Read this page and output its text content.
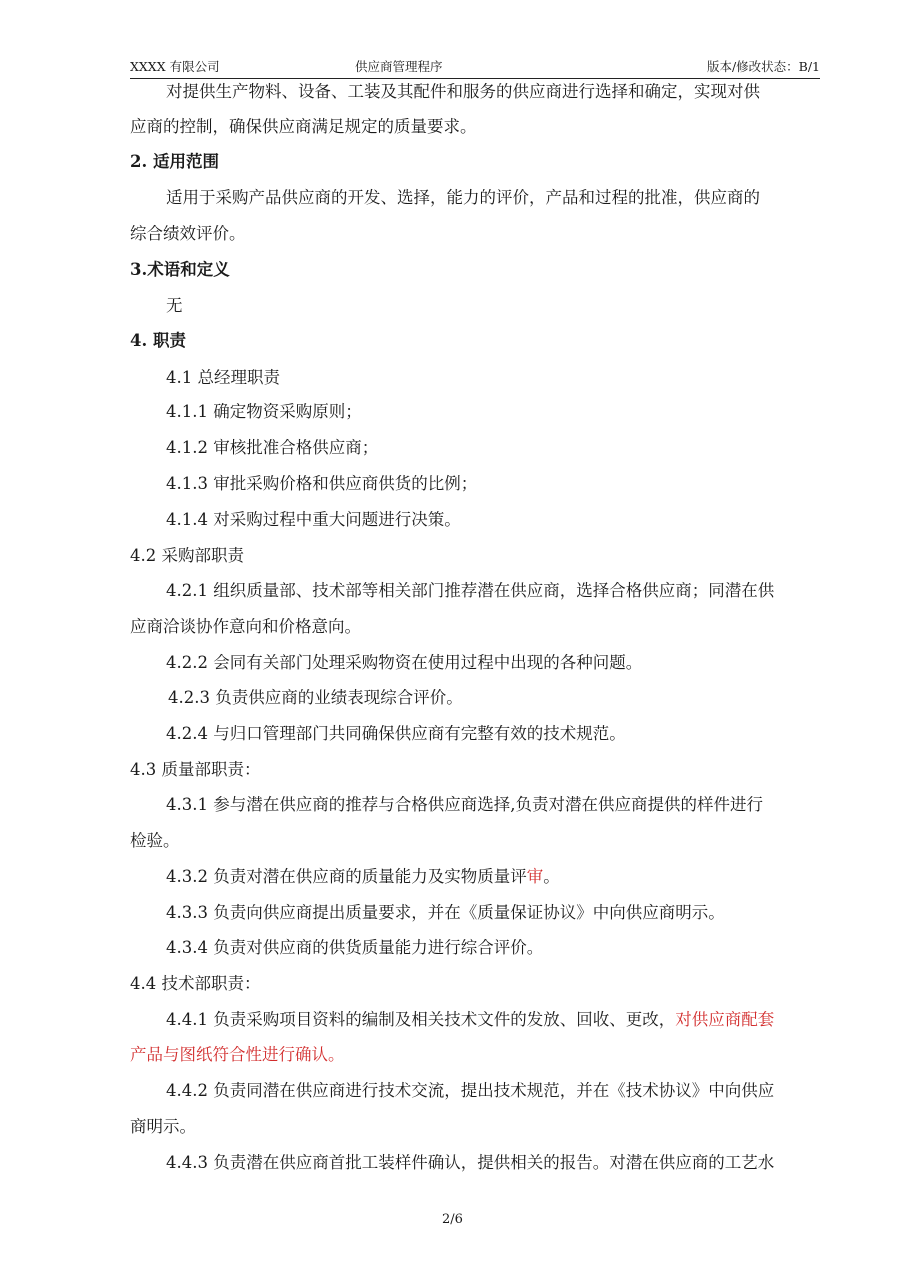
XXXX 有限公司	供应商管理程序	版本/修改状态：B/1
对提供生产物料、设备、工装及其配件和服务的供应商进行选择和确定，实现对供
应商的控制，确保供应商满足规定的质量要求。
2. 适用范围
适用于采购产品供应商的开发、选择，能力的评价，产品和过程的批准，供应商的
综合绩效评价。
3.术语和定义
无
4. 职责
4.1 总经理职责
4.1.1 确定物资采购原则；
4.1.2 审核批准合格供应商；
4.1.3 审批采购价格和供应商供货的比例；
4.1.4 对采购过程中重大问题进行决策。
4.2 采购部职责
4.2.1 组织质量部、技术部等相关部门推荐潜在供应商，选择合格供应商；同潜在供
应商洽谈协作意向和价格意向。
4.2.2 会同有关部门处理采购物资在使用过程中出现的各种问题。
4.2.3 负责供应商的业绩表现综合评价。
4.2.4 与归口管理部门共同确保供应商有完整有效的技术规范。
4.3 质量部职责：
4.3.1 参与潜在供应商的推荐与合格供应商选择,负责对潜在供应商提供的样件进行
检验。
4.3.2 负责对潜在供应商的质量能力及实物质量评审。
4.3.3 负责向供应商提出质量要求，并在《质量保证协议》中向供应商明示。
4.3.4 负责对供应商的供货质量能力进行综合评价。
4.4 技术部职责：
4.4.1 负责采购项目资料的编制及相关技术文件的发放、回收、更改，对供应商配套
产品与图纸符合性进行确认。
4.4.2 负责同潜在供应商进行技术交流，提出技术规范，并在《技术协议》中向供应
商明示。
4.4.3 负责潜在供应商首批工装样件确认，提供相关的报告。对潜在供应商的工艺水
2/6
